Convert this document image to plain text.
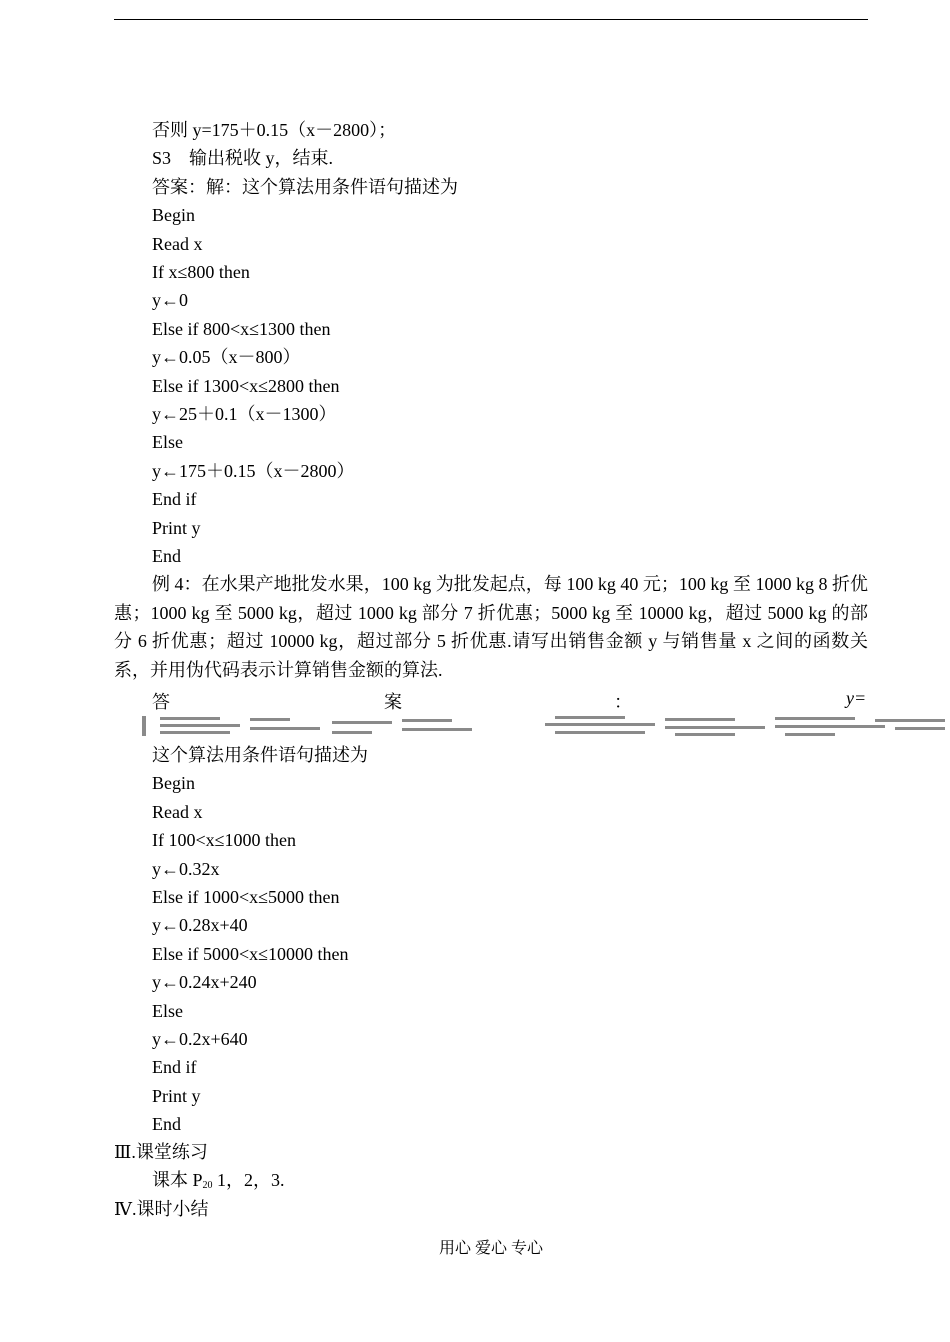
否则 y=175＋0.15（x－2800）；
S3　输出税收 y，结束.
答案：解：这个算法用条件语句描述为
Begin
Read x
If x≤800 then
y←0
Else if 800<x≤1300 then
y←0.05（x－800）
Else if 1300<x≤2800 then
y←25＋0.1（x－1300）
Else
y←175＋0.15（x－2800）
End if
Print y
End
例 4：在水果产地批发水果，100 kg 为批发起点，每 100 kg 40 元；100 kg 至 1000 kg 8 折优惠；1000 kg 至 5000 kg，超过 1000 kg 部分 7 折优惠；5000 kg 至 10000 kg，超过 5000 kg 的部分 6 折优惠；超过 10000 kg，超过部分 5 折优惠.请写出销售金额 y 与销售量 x 之间的函数关系，并用伪代码表示计算销售金额的算法.
答	案	：	y=
这个算法用条件语句描述为
Begin
Read x
If 100<x≤1000 then
y←0.32x
Else if 1000<x≤5000 then
y←0.28x+40
Else if 5000<x≤10000 then
y←0.24x+240
Else
y←0.2x+640
End if
Print y
End
Ⅲ.课堂练习
课本 $P_{20}$ 1，2，3.
Ⅳ.课时小结
用心 爱心 专心
